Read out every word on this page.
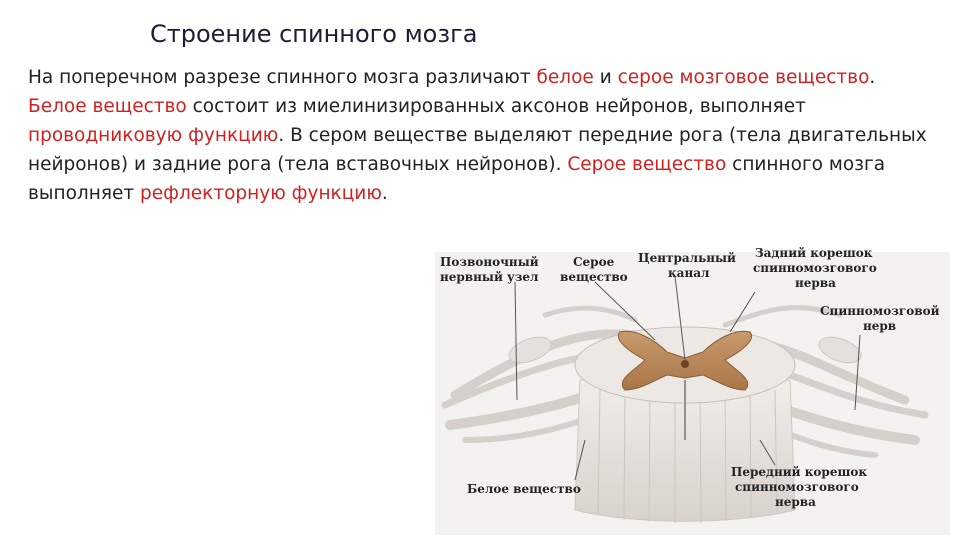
Строение спинного мозга
На поперечном разрезе спинного мозга различают белое и серое мозговое вещество.
Белое вещество состоит из миелинизированных аксонов нейронов, выполняет проводниковую функцию. В сером веществе выделяют передние рога (тела двигательных нейронов) и задние рога (тела вставочных нейронов). Серое вещество спинного мозга выполняет рефлекторную функцию.
Позвоночный
нервный узел
Серое
вещество
Центральный
канал
Задний корешок
спинномозгового
нерва
Спинномозговой
нерв
Белое вещество
Передний корешок
спинномозгового
нерва
